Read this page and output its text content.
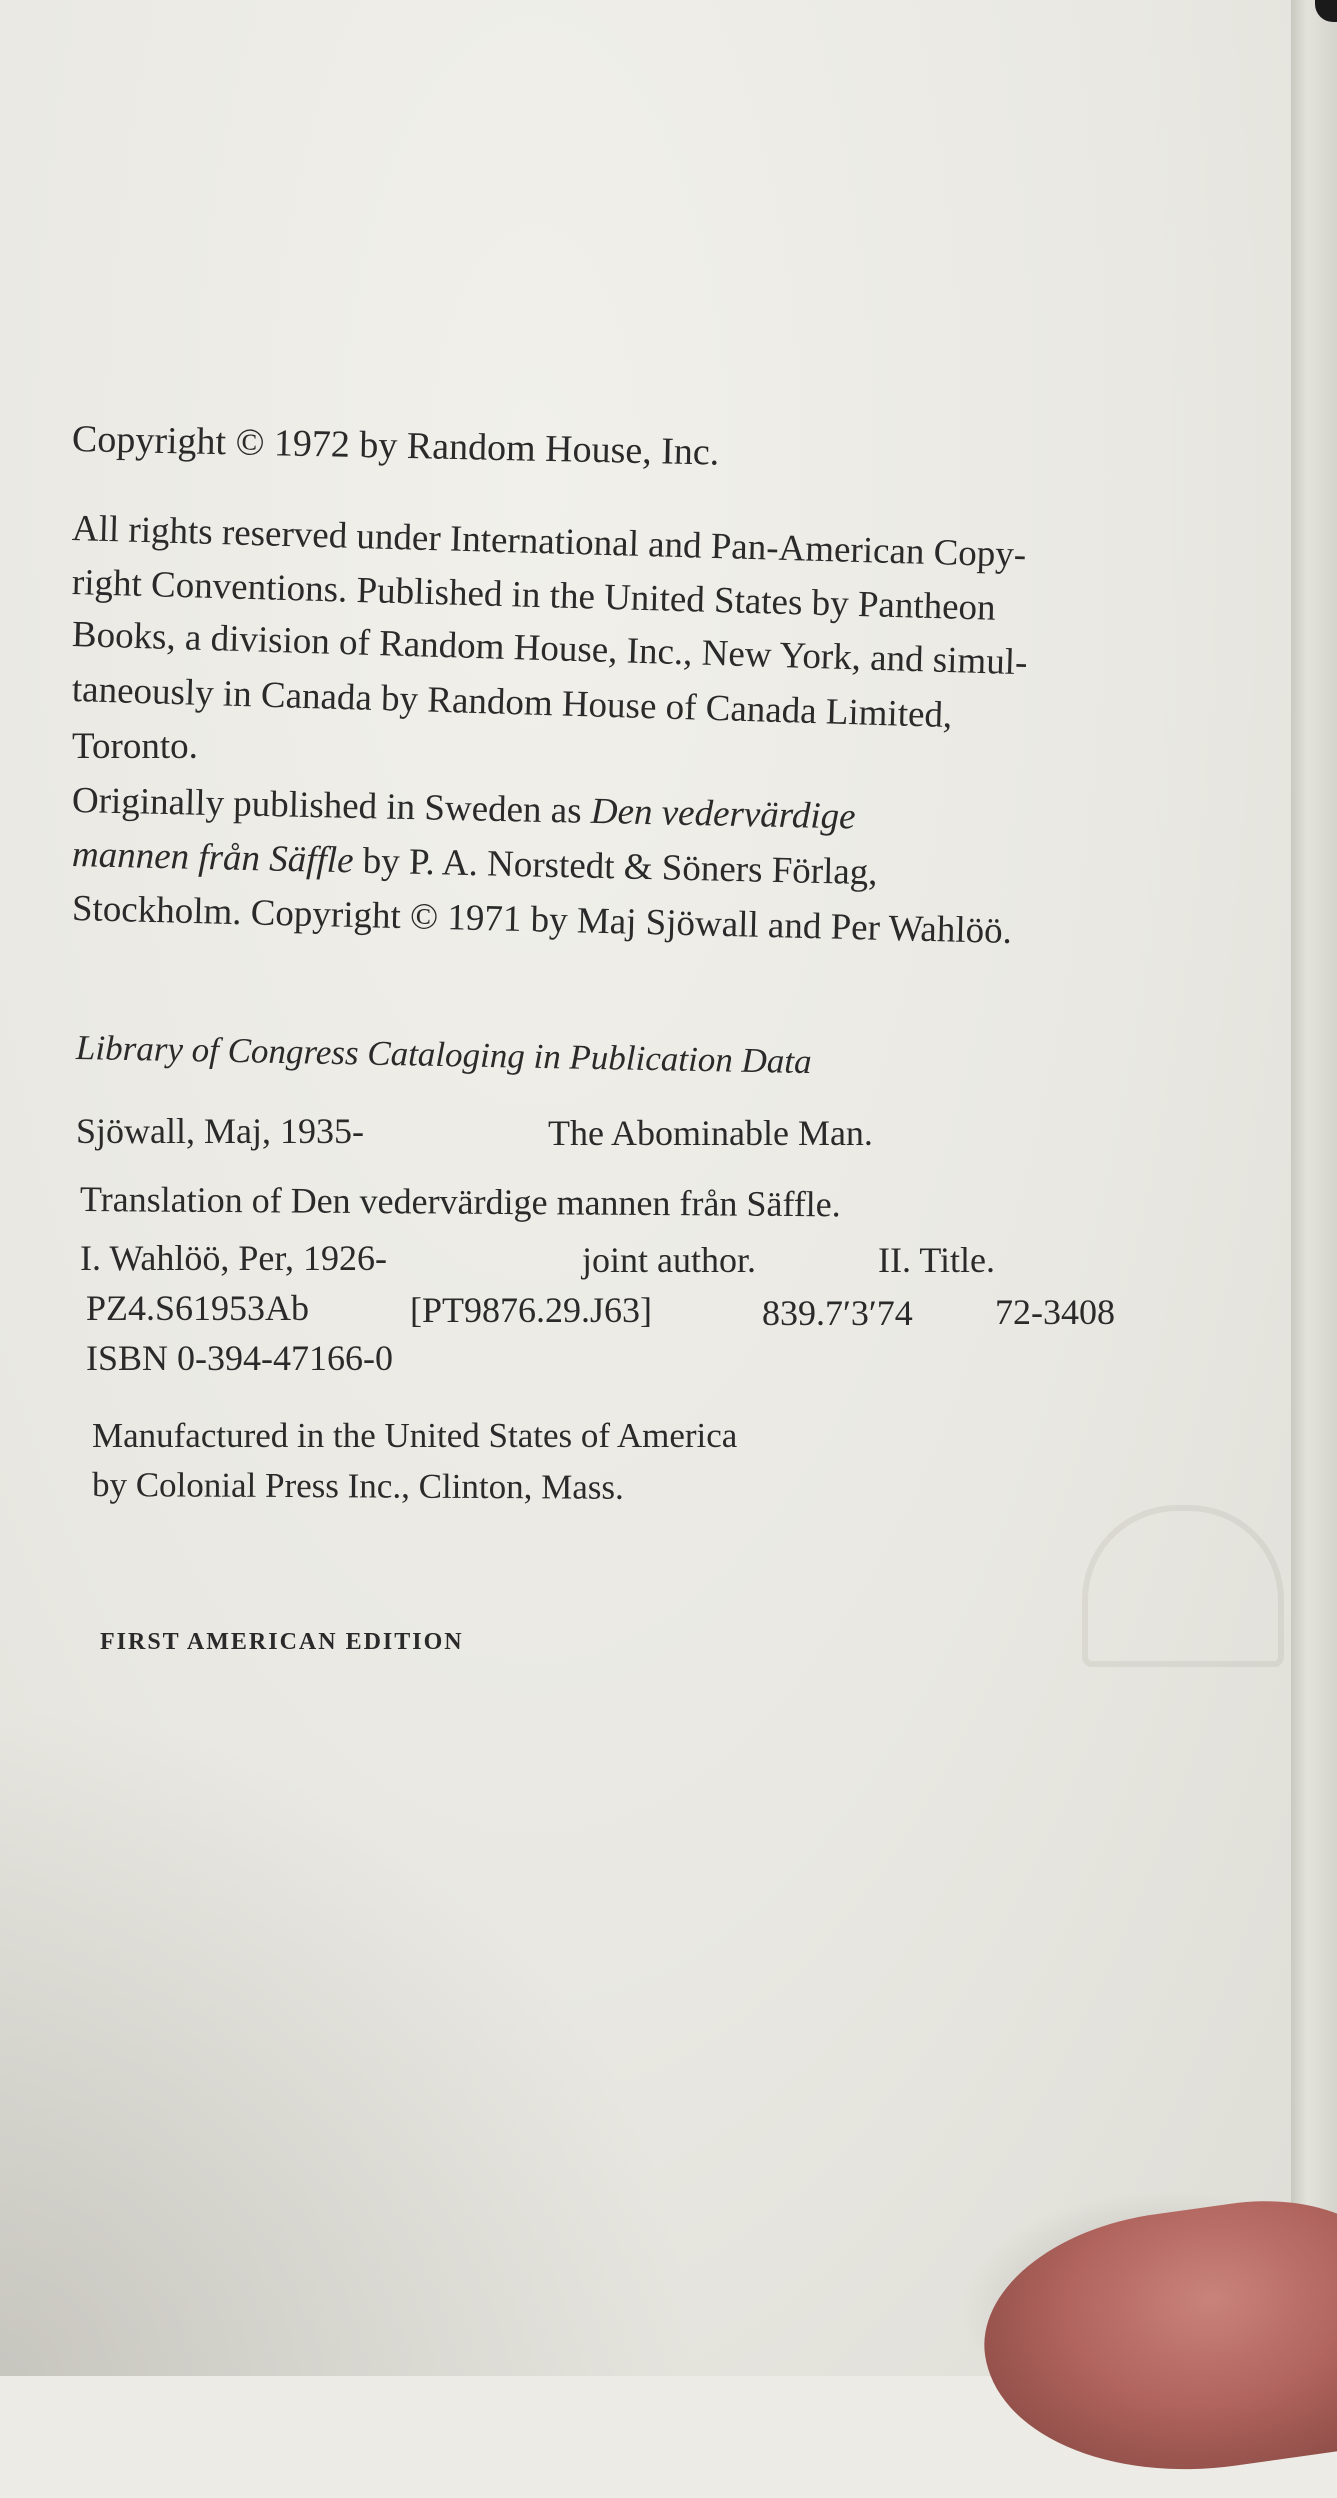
Copyright © 1972 by Random House, Inc.
All rights reserved under International and Pan-American Copy-
right Conventions. Published in the United States by Pantheon
Books, a division of Random House, Inc., New York, and simul-
taneously in Canada by Random House of Canada Limited,
Toronto.
Originally published in Sweden as Den vedervärdige
mannen från Säffle by P. A. Norstedt & Söners Förlag,
Stockholm. Copyright © 1971 by Maj Sjöwall and Per Wahlöö.
Library of Congress Cataloging in Publication Data
Sjöwall, Maj, 1935-	The Abominable Man.
Translation of Den vedervärdige mannen från Säffle.
I. Wahlöö, Per, 1926-	joint author.	II. Title.
PZ4.S61953Ab	[PT9876.29.J63]	839.7′3′74 72-3408
ISBN 0-394-47166-0
Manufactured in the United States of America
by Colonial Press Inc., Clinton, Mass.
FIRST AMERICAN EDITION
